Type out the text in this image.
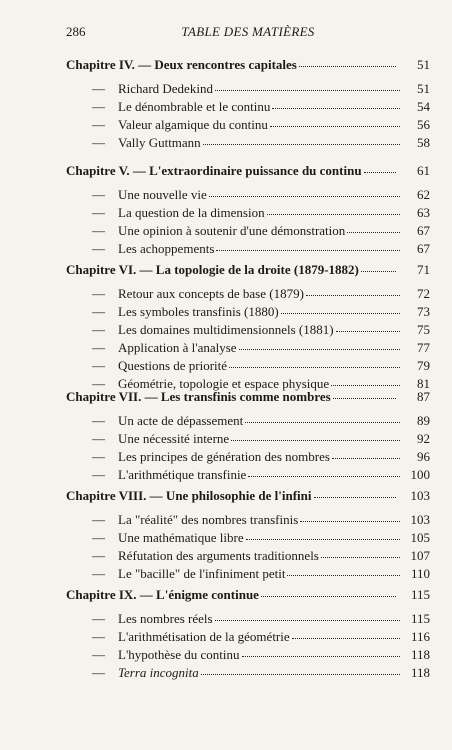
286	TABLE DES MATIÈRES
Chapitre IV. — Deux rencontres capitales	51
—	Richard Dedekind	51
—	Le dénombrable et le continu	54
—	Valeur algamique du continu	56
—	Vally Guttmann	58
Chapitre V. — L'extraordinaire puissance du continu	61
—	Une nouvelle vie	62
—	La question de la dimension	63
—	Une opinion à soutenir d'une démonstration	67
—	Les achoppements	67
Chapitre VI. — La topologie de la droite (1879-1882)	71
—	Retour aux concepts de base (1879)	72
—	Les symboles transfinis (1880)	73
—	Les domaines multidimensionnels (1881)	75
—	Application à l'analyse	77
—	Questions de priorité	79
—	Géométrie, topologie et espace physique	81
Chapitre VII. — Les transfinis comme nombres	87
—	Un acte de dépassement	89
—	Une nécessité interne	92
—	Les principes de génération des nombres	96
—	L'arithmétique transfinie	100
Chapitre VIII. — Une philosophie de l'infini	103
—	La "réalité" des nombres transfinis	103
—	Une mathématique libre	105
—	Réfutation des arguments traditionnels	107
—	Le "bacille" de l'infiniment petit	110
Chapitre IX. — L'énigme continue	115
—	Les nombres réels	115
—	L'arithmétisation de la géométrie	116
—	L'hypothèse du continu	118
—	Terra incognita	118
